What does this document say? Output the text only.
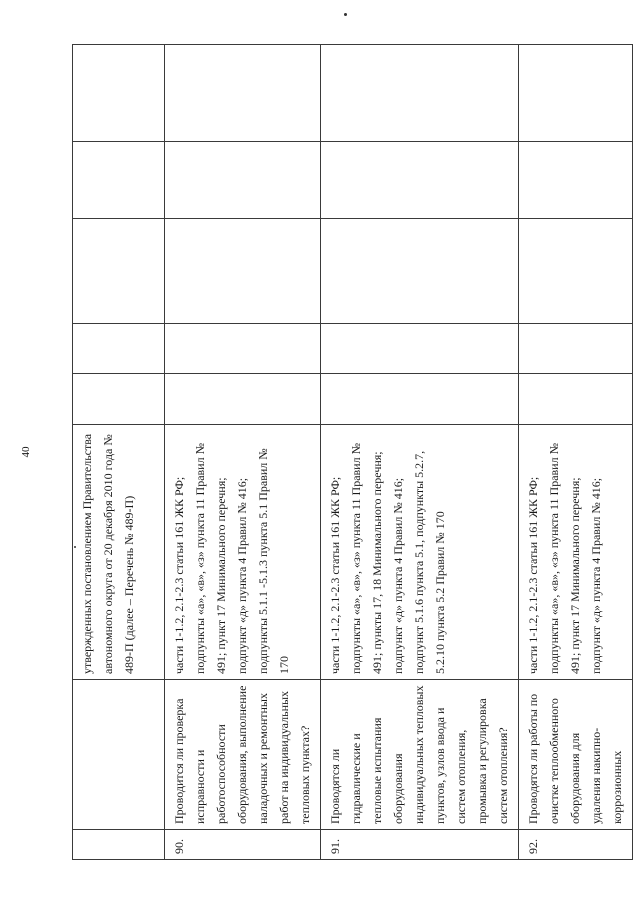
40
			утвержденных постановлением Правительства автономного округа от 20 декабря 2010 года № 489-П (далее – Перечень № 489-П)					
90.	Проводится ли проверка исправности и работоспособности оборудования, выполнение наладочных и ремонтных работ на индивидуальных тепловых пунктах?	части 1-1.2, 2.1-2.3 статьи 161 ЖК РФ; подпункты «а», «в», «з» пункта 11 Правил № 491; пункт 17 Минимального перечня; подпункт «д» пункта 4 Правил № 416; подпункты 5.1.1 -5.1.3 пункта 5.1 Правил № 170					
91.	Проводятся ли гидравлические и тепловые испытания оборудования индивидуальных тепловых пунктов, узлов ввода и систем отопления, промывка и регулировка систем отопления?	части 1-1.2, 2.1-2.3 статьи 161 ЖК РФ; подпункты «а», «в», «з» пункта 11 Правил № 491; пункты 17, 18 Минимального перечня; подпункт «д» пункта 4 Правил № 416; подпункт 5.1.6 пункта 5.1, подпункты 5.2.7, 5.2.10 пункта 5.2 Правил № 170					
92.	Проводятся ли работы по очистке теплообменного оборудования для удаления накипно-коррозионных	части 1-1.2, 2.1-2.3 статьи 161 ЖК РФ; подпункты «а», «в», «з» пункта 11 Правил № 491; пункт 17 Минимального перечня; подпункт «д» пункта 4 Правил № 416;					
